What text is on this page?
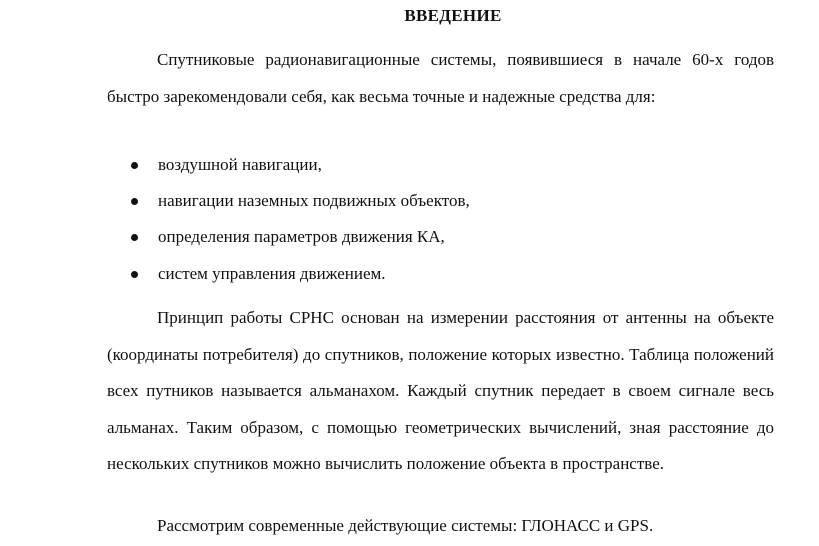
ВВЕДЕНИЕ

Спутниковые радионавигационные системы, появившиеся в начале 60-х годов быстро зарекомендовали себя, как весьма точные и надежные средства для:

воздушной навигации,
навигации наземных подвижных объектов,
определения параметров движения КА,
систем управления движением.

Принцип работы СРНС основан на измерении расстояния от антенны на объекте (координаты потребителя) до спутников, положение которых известно. Таблица положений всех путников называется альманахом. Каждый спутник передает в своем сигнале весь альманах. Таким образом, с помощью геометрических вычислений, зная расстояние до нескольких спутников можно вычислить положение объекта в пространстве.

Рассмотрим современные действующие системы: ГЛОНАСС и GPS.
